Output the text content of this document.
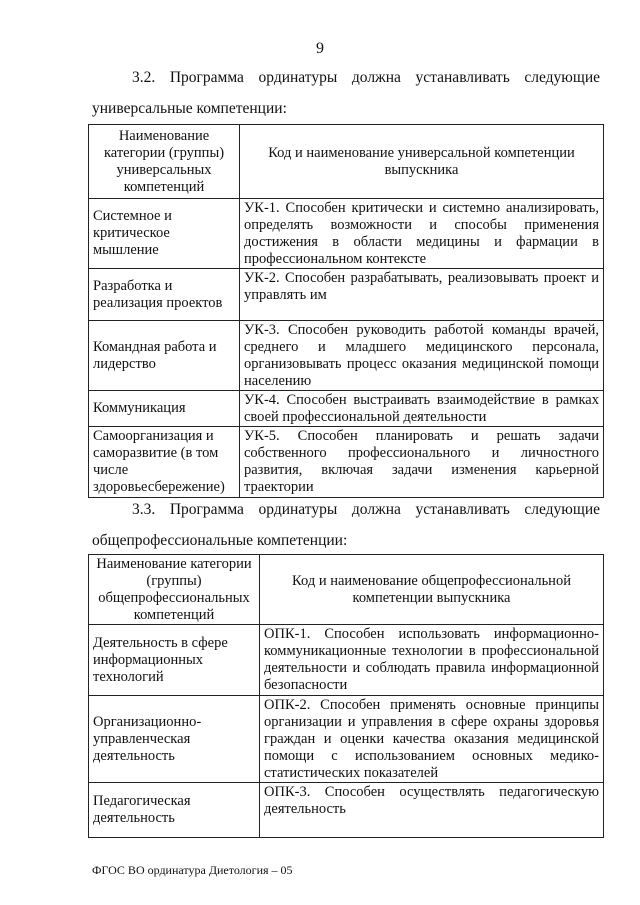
9
3.2. Программа ординатуры должна устанавливать следующие
универсальные компетенции:
Наименование категории (группы) универсальных компетенций	Код и наименование универсальной компетенции выпускника
Системное и критическое мышление	УК-1. Способен критически и системно анализировать, определять возможности и способы применения достижения в области медицины и фармации в профессиональном контексте
Разработка и реализация проектов	УК-2. Способен разрабатывать, реализовывать проект и управлять им
Командная работа и лидерство	УК-3. Способен руководить работой команды врачей, среднего и младшего медицинского персонала, организовывать процесс оказания медицинской помощи населению
Коммуникация	УК-4. Способен выстраивать взаимодействие в рамках своей профессиональной деятельности
Самоорганизация и саморазвитие (в том числе здоровьесбережение)	УК-5. Способен планировать и решать задачи собственного профессионального и личностного развития, включая задачи изменения карьерной траектории
3.3. Программа ординатуры должна устанавливать следующие
общепрофессиональные компетенции:
Наименование категории (группы) общепрофессиональных компетенций	Код и наименование общепрофессиональной компетенции выпускника
Деятельность в сфере информационных технологий	ОПК-1. Способен использовать информационно-коммуникационные технологии в профессиональной деятельности и соблюдать правила информационной безопасности
Организационно-управленческая деятельность	ОПК-2. Способен применять основные принципы организации и управления в сфере охраны здоровья граждан и оценки качества оказания медицинской помощи с использованием основных медико-статистических показателей
Педагогическая деятельность	ОПК-3. Способен осуществлять педагогическую деятельность
ФГОС ВО ординатура Диетология – 05
